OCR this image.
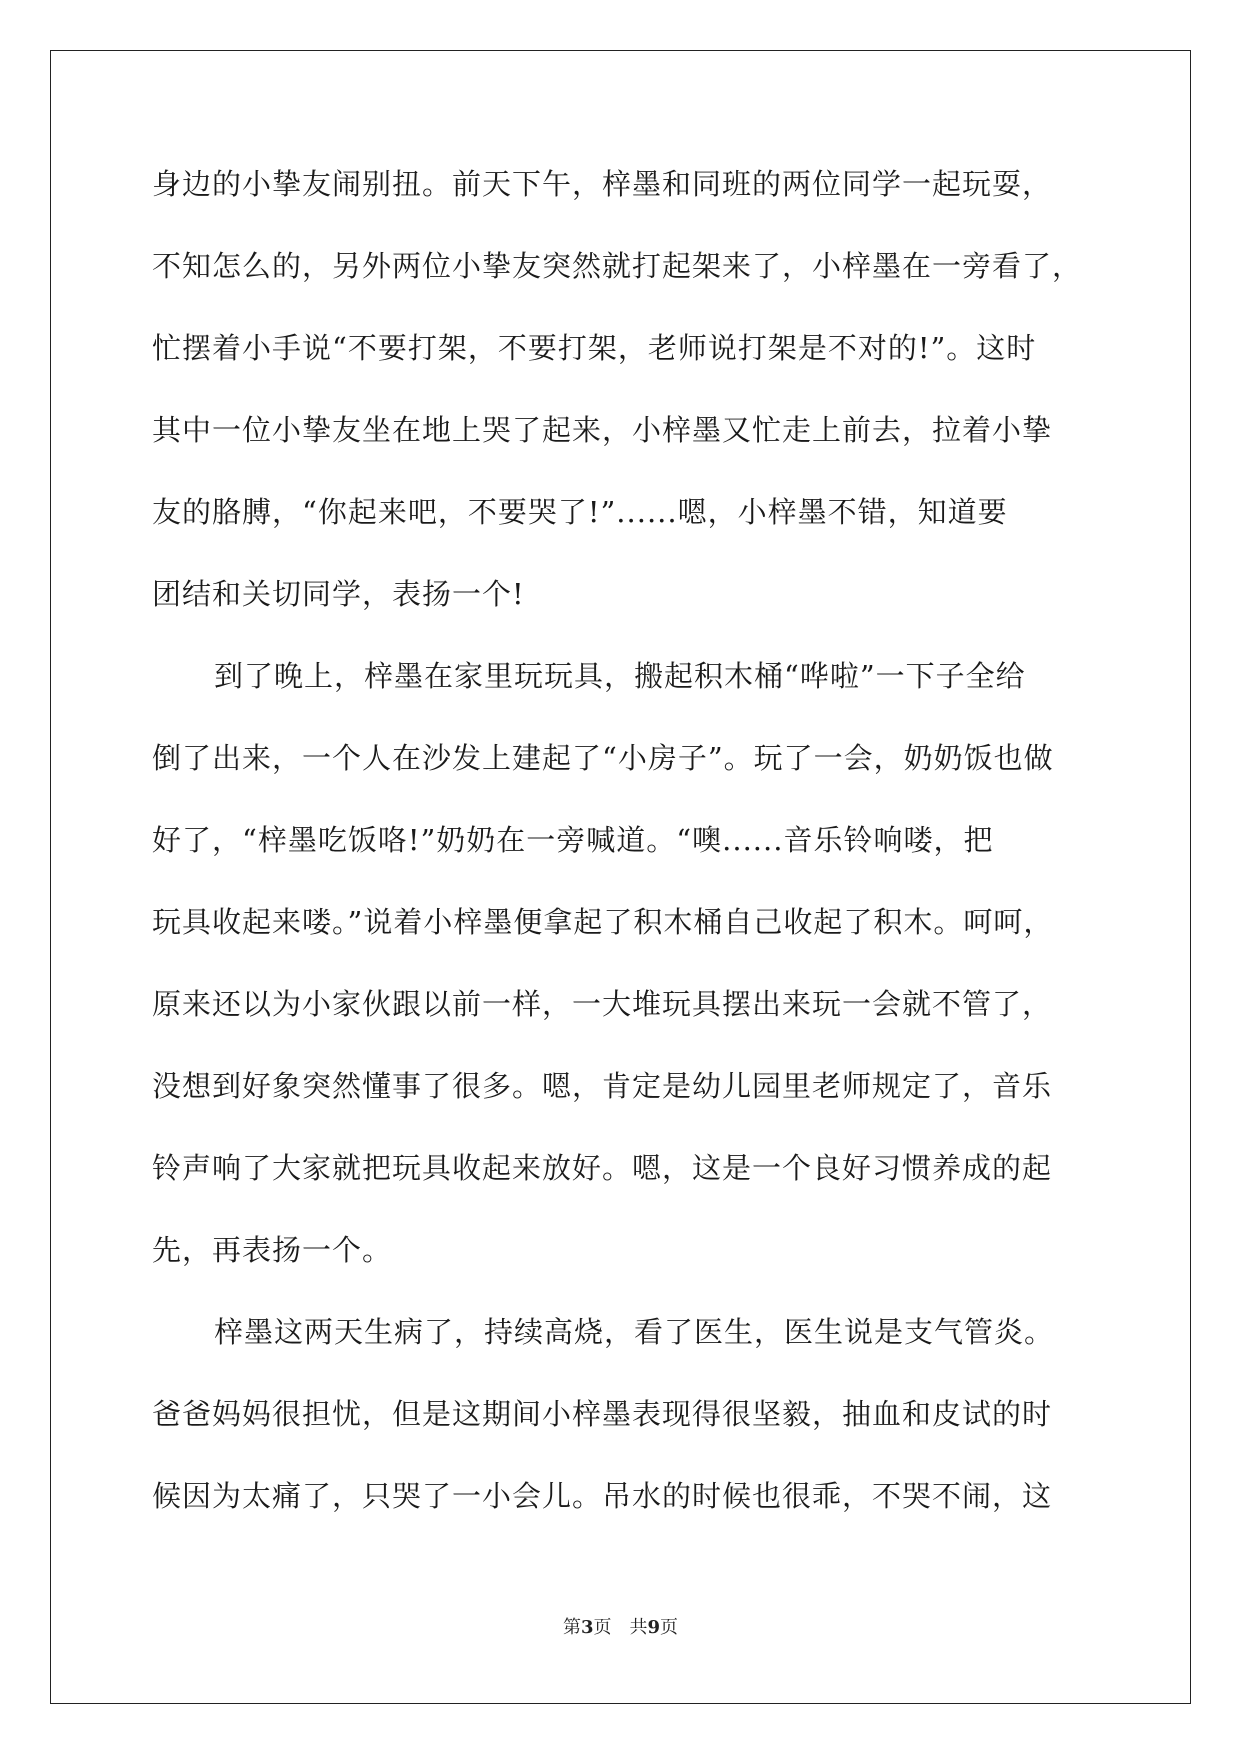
身边的小挚友闹别扭。前天下午，梓墨和同班的两位同学一起玩耍，
不知怎么的，另外两位小挚友突然就打起架来了，小梓墨在一旁看了，
忙摆着小手说“不要打架，不要打架，老师说打架是不对的!”。这时
其中一位小挚友坐在地上哭了起来，小梓墨又忙走上前去，拉着小挚
友的胳膊，“你起来吧，不要哭了!”......嗯，小梓墨不错，知道要
团结和关切同学，表扬一个!
到了晚上，梓墨在家里玩玩具，搬起积木桶“哗啦”一下子全给
倒了出来，一个人在沙发上建起了“小房子”。玩了一会，奶奶饭也做
好了，“梓墨吃饭咯!”奶奶在一旁喊道。“噢......音乐铃响喽，把
玩具收起来喽。”说着小梓墨便拿起了积木桶自己收起了积木。呵呵，
原来还以为小家伙跟以前一样，一大堆玩具摆出来玩一会就不管了，
没想到好象突然懂事了很多。嗯，肯定是幼儿园里老师规定了，音乐
铃声响了大家就把玩具收起来放好。嗯，这是一个良好习惯养成的起
先，再表扬一个。
梓墨这两天生病了，持续高烧，看了医生，医生说是支气管炎。
爸爸妈妈很担忧，但是这期间小梓墨表现得很坚毅，抽血和皮试的时
候因为太痛了，只哭了一小会儿。吊水的时候也很乖，不哭不闹，这
第3页　共9页
